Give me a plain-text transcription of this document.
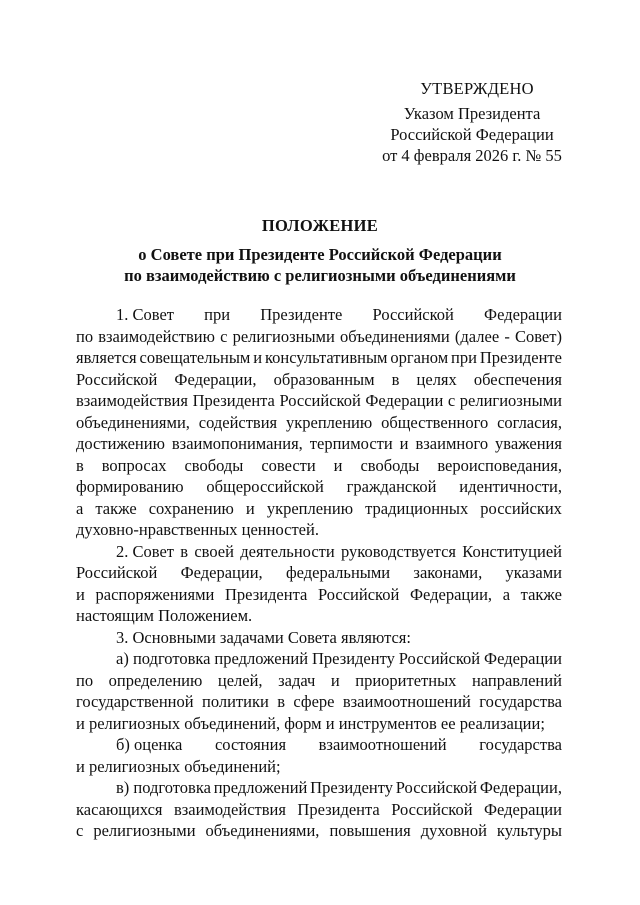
УТВЕРЖДЕНО
Указом Президента
Российской Федерации
от 4 февраля 2026 г. № 55
ПОЛОЖЕНИЕ
о Совете при Президенте Российской Федерации
по взаимодействию с религиозными объединениями
1. Совет при Президенте Российской Федерации
по взаимодействию с религиозными объединениями (далее - Совет)
является совещательным и консультативным органом при Президенте
Российской Федерации, образованным в целях обеспечения
взаимодействия Президента Российской Федерации с религиозными
объединениями, содействия укреплению общественного согласия,
достижению взаимопонимания, терпимости и взаимного уважения
в вопросах свободы совести и свободы вероисповедания,
формированию общероссийской гражданской идентичности,
а также сохранению и укреплению традиционных российских
духовно-нравственных ценностей.
2. Совет в своей деятельности руководствуется Конституцией
Российской Федерации, федеральными законами, указами
и распоряжениями Президента Российской Федерации, а также
настоящим Положением.
3. Основными задачами Совета являются:
а) подготовка предложений Президенту Российской Федерации
по определению целей, задач и приоритетных направлений
государственной политики в сфере взаимоотношений государства
и религиозных объединений, форм и инструментов ее реализации;
б) оценка состояния взаимоотношений государства
и религиозных объединений;
в) подготовка предложений Президенту Российской Федерации,
касающихся взаимодействия Президента Российской Федерации
с религиозными объединениями, повышения духовной культуры
